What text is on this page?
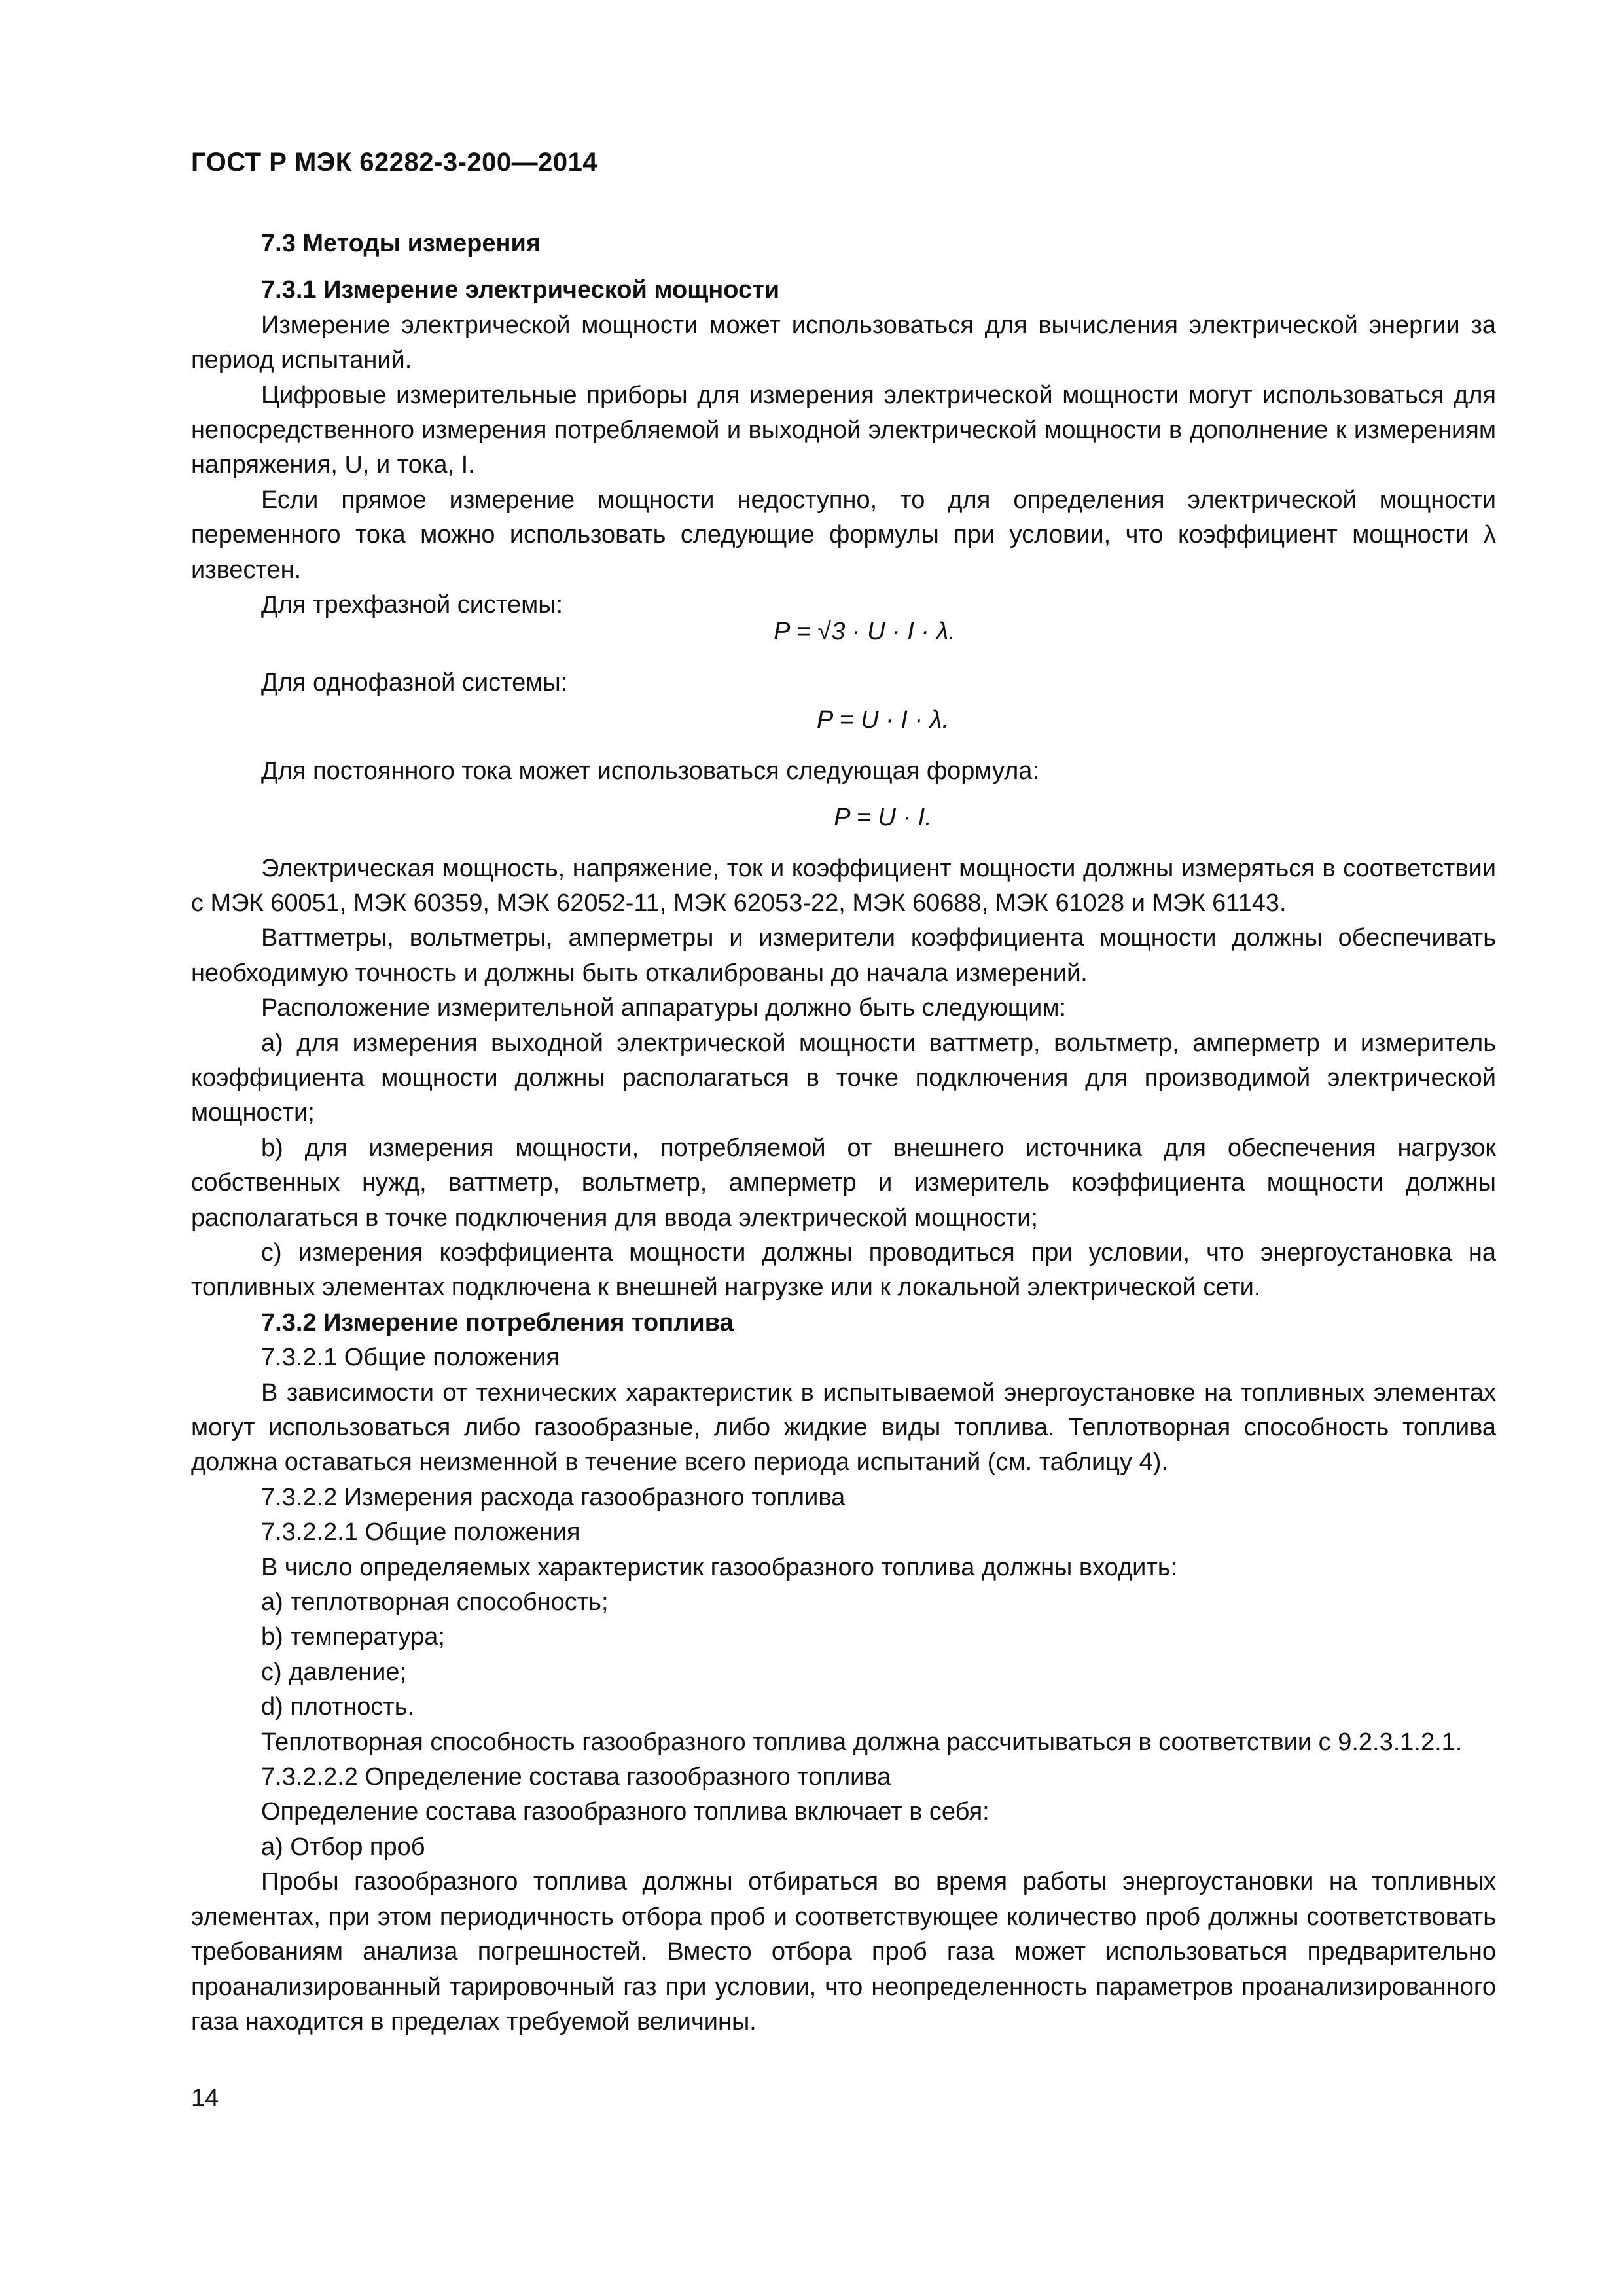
ГОСТ Р МЭК 62282-3-200—2014

7.3 Методы измерения

7.3.1 Измерение электрической мощности

Измерение электрической мощности может использоваться для вычисления электрической энергии за период испытаний.

Цифровые измерительные приборы для измерения электрической мощности могут использоваться для непосредственного измерения потребляемой и выходной электрической мощности в дополнение к измерениям напряжения, U, и тока, I.

Если прямое измерение мощности недоступно, то для определения электрической мощности переменного тока можно использовать следующие формулы при условии, что коэффициент мощности λ известен.

Для трехфазной системы:

P = √3 · U · I · λ.

Для однофазной системы:

P = U · I · λ.

Для постоянного тока может использоваться следующая формула:

P = U · I.

Электрическая мощность, напряжение, ток и коэффициент мощности должны измеряться в соответствии с МЭК 60051, МЭК 60359, МЭК 62052-11, МЭК 62053-22, МЭК 60688, МЭК 61028 и МЭК 61143.

Ваттметры, вольтметры, амперметры и измерители коэффициента мощности должны обеспечивать необходимую точность и должны быть откалиброваны до начала измерений.

Расположение измерительной аппаратуры должно быть следующим:

а) для измерения выходной электрической мощности ваттметр, вольтметр, амперметр и измеритель коэффициента мощности должны располагаться в точке подключения для производимой электрической мощности;

b) для измерения мощности, потребляемой от внешнего источника для обеспечения нагрузок собственных нужд, ваттметр, вольтметр, амперметр и измеритель коэффициента мощности должны располагаться в точке подключения для ввода электрической мощности;

с) измерения коэффициента мощности должны проводиться при условии, что энергоустановка на топливных элементах подключена к внешней нагрузке или к локальной электрической сети.

7.3.2 Измерение потребления топлива

7.3.2.1 Общие положения

В зависимости от технических характеристик в испытываемой энергоустановке на топливных элементах могут использоваться либо газообразные, либо жидкие виды топлива. Теплотворная способность топлива должна оставаться неизменной в течение всего периода испытаний (см. таблицу 4).

7.3.2.2 Измерения расхода газообразного топлива

7.3.2.2.1 Общие положения

В число определяемых характеристик газообразного топлива должны входить:

а) теплотворная способность;

b) температура;

с) давление;

d) плотность.

Теплотворная способность газообразного топлива должна рассчитываться в соответствии с 9.2.3.1.2.1.

7.3.2.2.2 Определение состава газообразного топлива

Определение состава газообразного топлива включает в себя:

а) Отбор проб

Пробы газообразного топлива должны отбираться во время работы энергоустановки на топливных элементах, при этом периодичность отбора проб и соответствующее количество проб должны соответствовать требованиям анализа погрешностей. Вместо отбора проб газа может использоваться предварительно проанализированный тарировочный газ при условии, что неопределенность параметров проанализированного газа находится в пределах требуемой величины.

14
